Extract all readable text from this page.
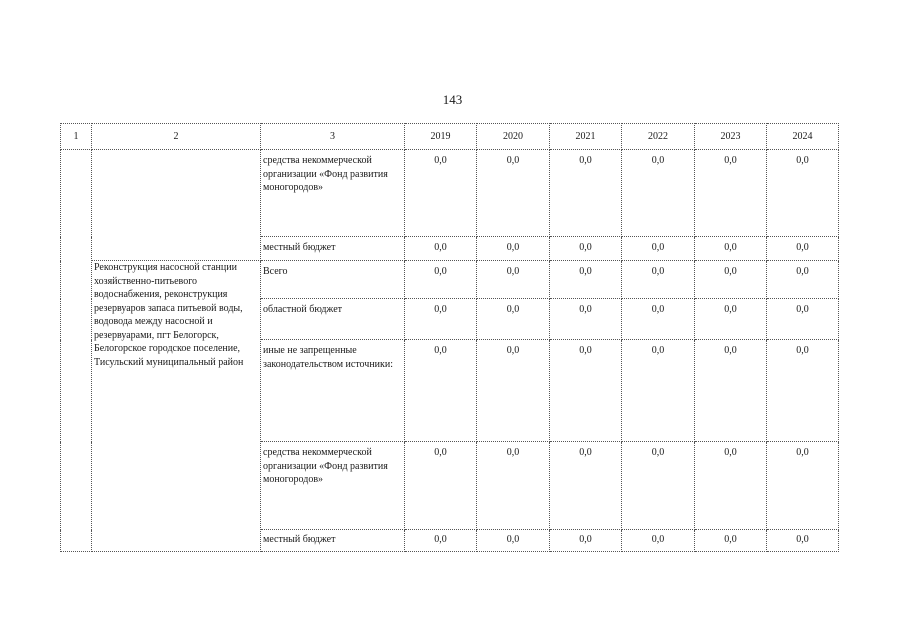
143
1	2	3	2019	2020	2021	2022	2023	2024

		средства некоммерческой организации «Фонд развития моногородов»	0,0	0,0	0,0	0,0	0,0	0,0

		местный бюджет	0,0	0,0	0,0	0,0	0,0	0,0

	Реконструкция насосной станции хозяйственно-питьевого водоснабжения, реконструкция резервуаров запаса питьевой воды, водовода между насосной и резервуарами, пгт Белогорск, Белогорское городское поселение, Тисульский муниципальный район	Всего	0,0	0,0	0,0	0,0	0,0	0,0

		областной бюджет	0,0	0,0	0,0	0,0	0,0	0,0

		иные не запрещенные законодательством источники:	0,0	0,0	0,0	0,0	0,0	0,0

		средства некоммерческой организации «Фонд развития моногородов»	0,0	0,0	0,0	0,0	0,0	0,0

		местный бюджет	0,0	0,0	0,0	0,0	0,0	0,0
